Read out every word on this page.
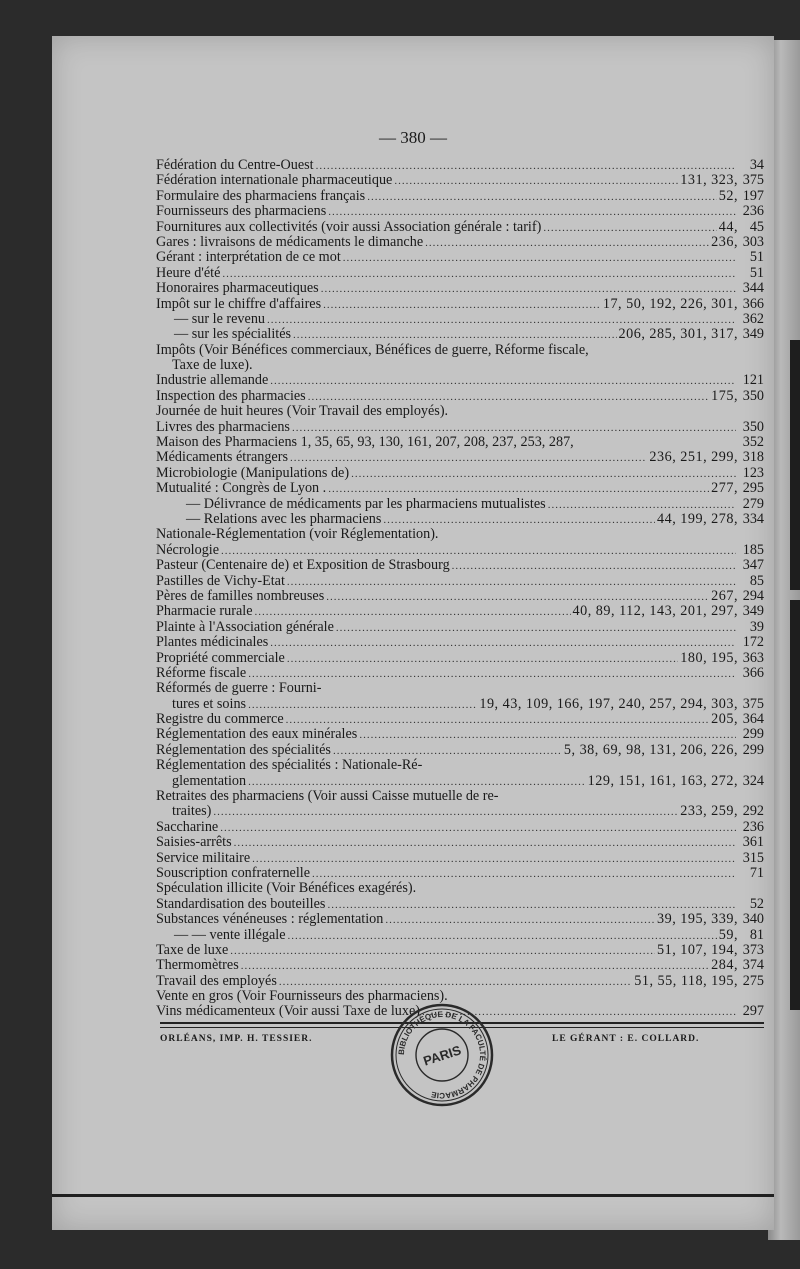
— 380 —
Fédération du Centre-Ouest .....	34
Fédération internationale pharmaceutique .....	131, 323, 375
Formulaire des pharmaciens français .....	52, 197
Fournisseurs des pharmaciens .....	236
Fournitures aux collectivités (voir aussi Association générale : tarif) .....	44, 45
Gares : livraisons de médicaments le dimanche .....	236, 303
Gérant : interprétation de ce mot .....	51
Heure d'été .....	51
Honoraires pharmaceutiques .....	344
Impôt sur le chiffre d'affaires .....	17, 50, 192, 226, 301, 366
— sur le revenu .....	362
— sur les spécialités .....	206, 285, 301, 317, 349
Impôts (Voir Bénéfices commerciaux, Bénéfices de guerre, Réforme fiscale,
Taxe de luxe).
Industrie allemande .....	121
Inspection des pharmacies .....	175, 350
Journée de huit heures (Voir Travail des employés).
Livres des pharmaciens .....	350
Maison des Pharmaciens 1, 35, 65, 93, 130, 161, 207, 208, 237, 253, 287,	352
Médicaments étrangers .....	236, 251, 299, 318
Microbiologie (Manipulations de) .....	123
Mutualité : Congrès de Lyon . .....	277, 295
— Délivrance de médicaments par les pharmaciens mutualistes .....	279
— Relations avec les pharmaciens .....	44, 199, 278, 334
Nationale-Réglementation (voir Réglementation).
Nécrologie .....	185
Pasteur (Centenaire de) et Exposition de Strasbourg .....	347
Pastilles de Vichy-Etat .....	85
Pères de familles nombreuses .....	267, 294
Pharmacie rurale .....	40, 89, 112, 143, 201, 297, 349
Plainte à l'Association générale .....	39
Plantes médicinales .....	172
Propriété commerciale .....	180, 195, 363
Réforme fiscale .....	366
Réformés de guerre : Fourni-
tures et soins .....	19, 43, 109, 166, 197, 240, 257, 294, 303, 375
Registre du commerce .....	205, 364
Réglementation des eaux minérales .....	299
Réglementation des spécialités .....	5, 38, 69, 98, 131, 206, 226, 299
Réglementation des spécialités : Nationale-Ré-
glementation .....	129, 151, 161, 163, 272, 324
Retraites des pharmaciens (Voir aussi Caisse mutuelle de re-
traites) .....	233, 259, 292
Saccharine .....	236
Saisies-arrêts .....	361
Service militaire .....	315
Souscription confraternelle .....	71
Spéculation illicite (Voir Bénéfices exagérés).
Standardisation des bouteilles .....	52
Substances vénéneuses : réglementation .....	39, 195, 339, 340
— — vente illégale .....	59, 81
Taxe de luxe .....	51, 107, 194, 373
Thermomètres .....	284, 374
Travail des employés .....	51, 55, 118, 195, 275
Vente en gros (Voir Fournisseurs des pharmaciens).
Vins médicamenteux (Voir aussi Taxe de luxe) .....	297
ORLÉANS, IMP. H. TESSIER.	LE GÉRANT : E. COLLARD.
BIBLIOTHÈQUE DE LA FACULTÉ DE PHARMACIE
PARIS
